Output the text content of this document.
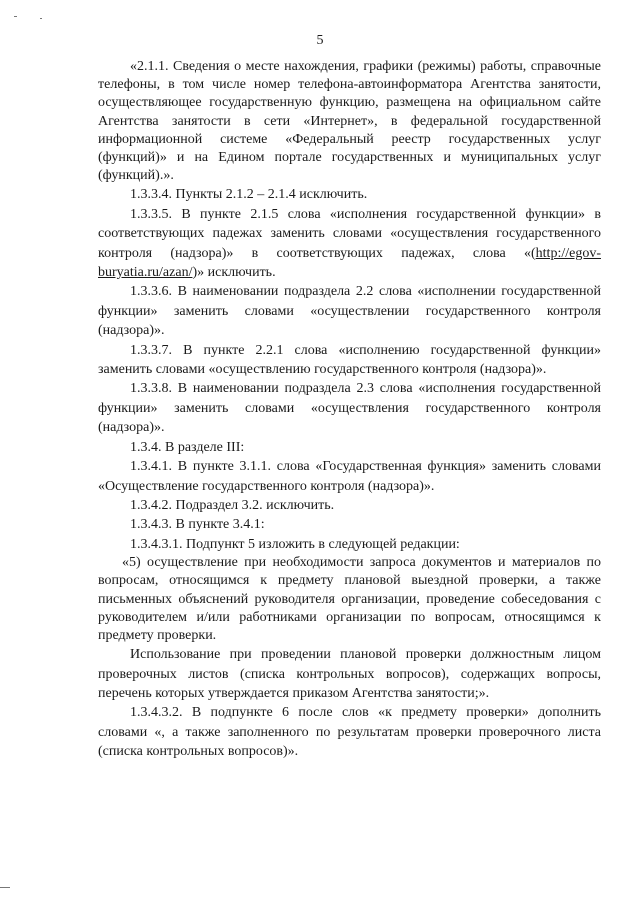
5

«2.1.1. Сведения о месте нахождения, графики (режимы) работы, справочные телефоны, в том числе номер телефона-автоинформатора Агентства занятости, осуществляющее государственную функцию, размещена на официальном сайте Агентства занятости в сети «Интернет», в федеральной государственной информационной системе «Федеральный реестр государственных услуг (функций)» и на Едином портале государственных и муниципальных услуг (функций).».

1.3.3.4. Пункты 2.1.2 – 2.1.4 исключить.

1.3.3.5. В пункте 2.1.5 слова «исполнения государственной функции» в соответствующих падежах заменить словами «осуществления государственного контроля (надзора)» в соответствующих падежах, слова «(http://egov-buryatia.ru/azan/)» исключить.

1.3.3.6. В наименовании подраздела 2.2 слова «исполнении государственной функции» заменить словами «осуществлении государственного контроля (надзора)».

1.3.3.7. В пункте 2.2.1 слова «исполнению государственной функции» заменить словами «осуществлению государственного контроля (надзора)».

1.3.3.8. В наименовании подраздела 2.3 слова «исполнения государственной функции» заменить словами «осуществления государственного контроля (надзора)».

1.3.4. В разделе III:

1.3.4.1. В пункте 3.1.1. слова «Государственная функция» заменить словами «Осуществление государственного контроля (надзора)».

1.3.4.2. Подраздел 3.2. исключить.

1.3.4.3. В пункте 3.4.1:

1.3.4.3.1. Подпункт 5 изложить в следующей редакции:

«5) осуществление при необходимости запроса документов и материалов по вопросам, относящимся к предмету плановой выездной проверки, а также письменных объяснений руководителя организации, проведение собеседования с руководителем и/или работниками организации по вопросам, относящимся к предмету проверки.

Использование при проведении плановой проверки должностным лицом проверочных листов (списка контрольных вопросов), содержащих вопросы, перечень которых утверждается приказом Агентства занятости;».

1.3.4.3.2. В подпункте 6 после слов «к предмету проверки» дополнить словами «, а также заполненного по результатам проверки проверочного листа (списка контрольных вопросов)».
